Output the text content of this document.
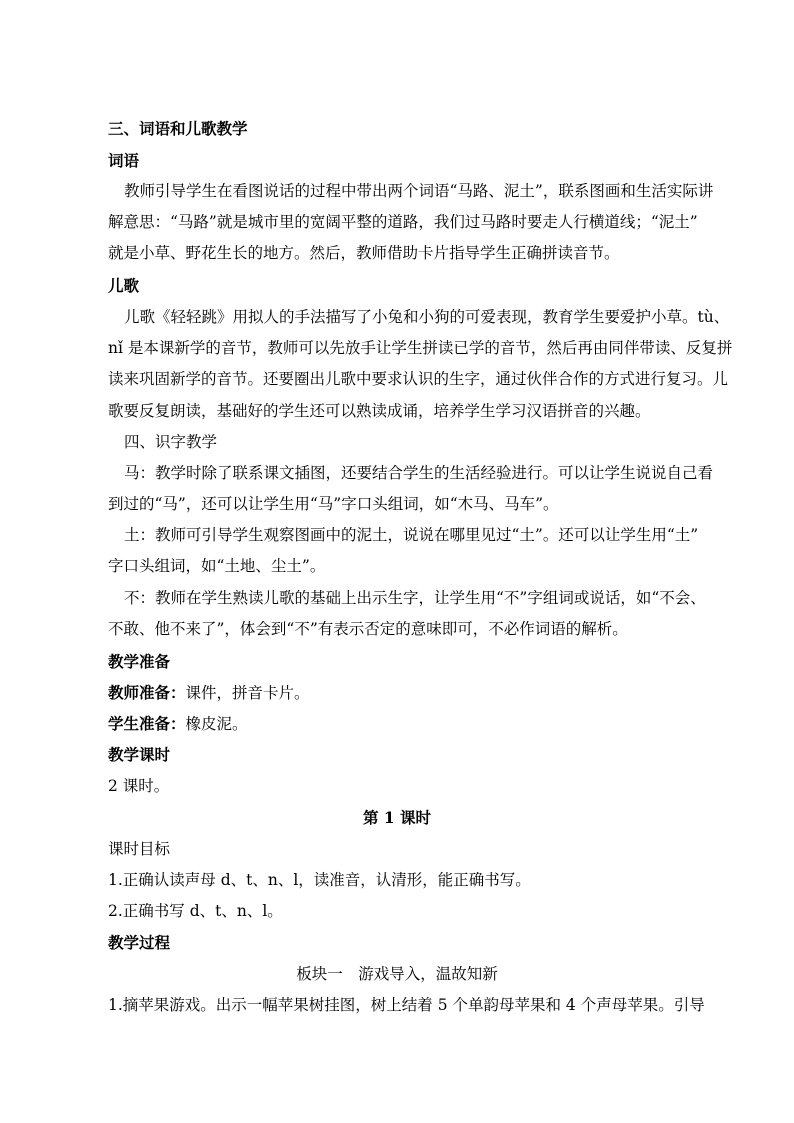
三、词语和儿歌教学
词语
教师引导学生在看图说话的过程中带出两个词语“马路、泥土”，联系图画和生活实际讲
解意思：“马路”就是城市里的宽阔平整的道路，我们过马路时要走人行横道线；“泥土”
就是小草、野花生长的地方。然后，教师借助卡片指导学生正确拼读音节。
儿歌
儿歌《轻轻跳》用拟人的手法描写了小兔和小狗的可爱表现，教育学生要爱护小草。tù、
nǐ 是本课新学的音节，教师可以先放手让学生拼读已学的音节，然后再由同伴带读、反复拼
读来巩固新学的音节。还要圈出儿歌中要求认识的生字，通过伙伴合作的方式进行复习。儿
歌要反复朗读，基础好的学生还可以熟读成诵，培养学生学习汉语拼音的兴趣。
四、识字教学
马：教学时除了联系课文插图，还要结合学生的生活经验进行。可以让学生说说自己看
到过的“马”，还可以让学生用“马”字口头组词，如“木马、马车”。
土：教师可引导学生观察图画中的泥土，说说在哪里见过“土”。还可以让学生用“土”
字口头组词，如“土地、尘土”。
不：教师在学生熟读儿歌的基础上出示生字，让学生用“不”字组词或说话，如“不会、
不敢、他不来了”，体会到“不”有表示否定的意味即可，不必作词语的解析。
教学准备
教师准备：课件，拼音卡片。
学生准备：橡皮泥。
教学课时
2 课时。
第 1 课时
课时目标
1.正确认读声母 d、t、n、l，读准音，认清形，能正确书写。
2.正确书写 d、t、n、l。
教学过程
板块一　游戏导入，温故知新
1.摘苹果游戏。出示一幅苹果树挂图，树上结着 5 个单韵母苹果和 4 个声母苹果。引导
